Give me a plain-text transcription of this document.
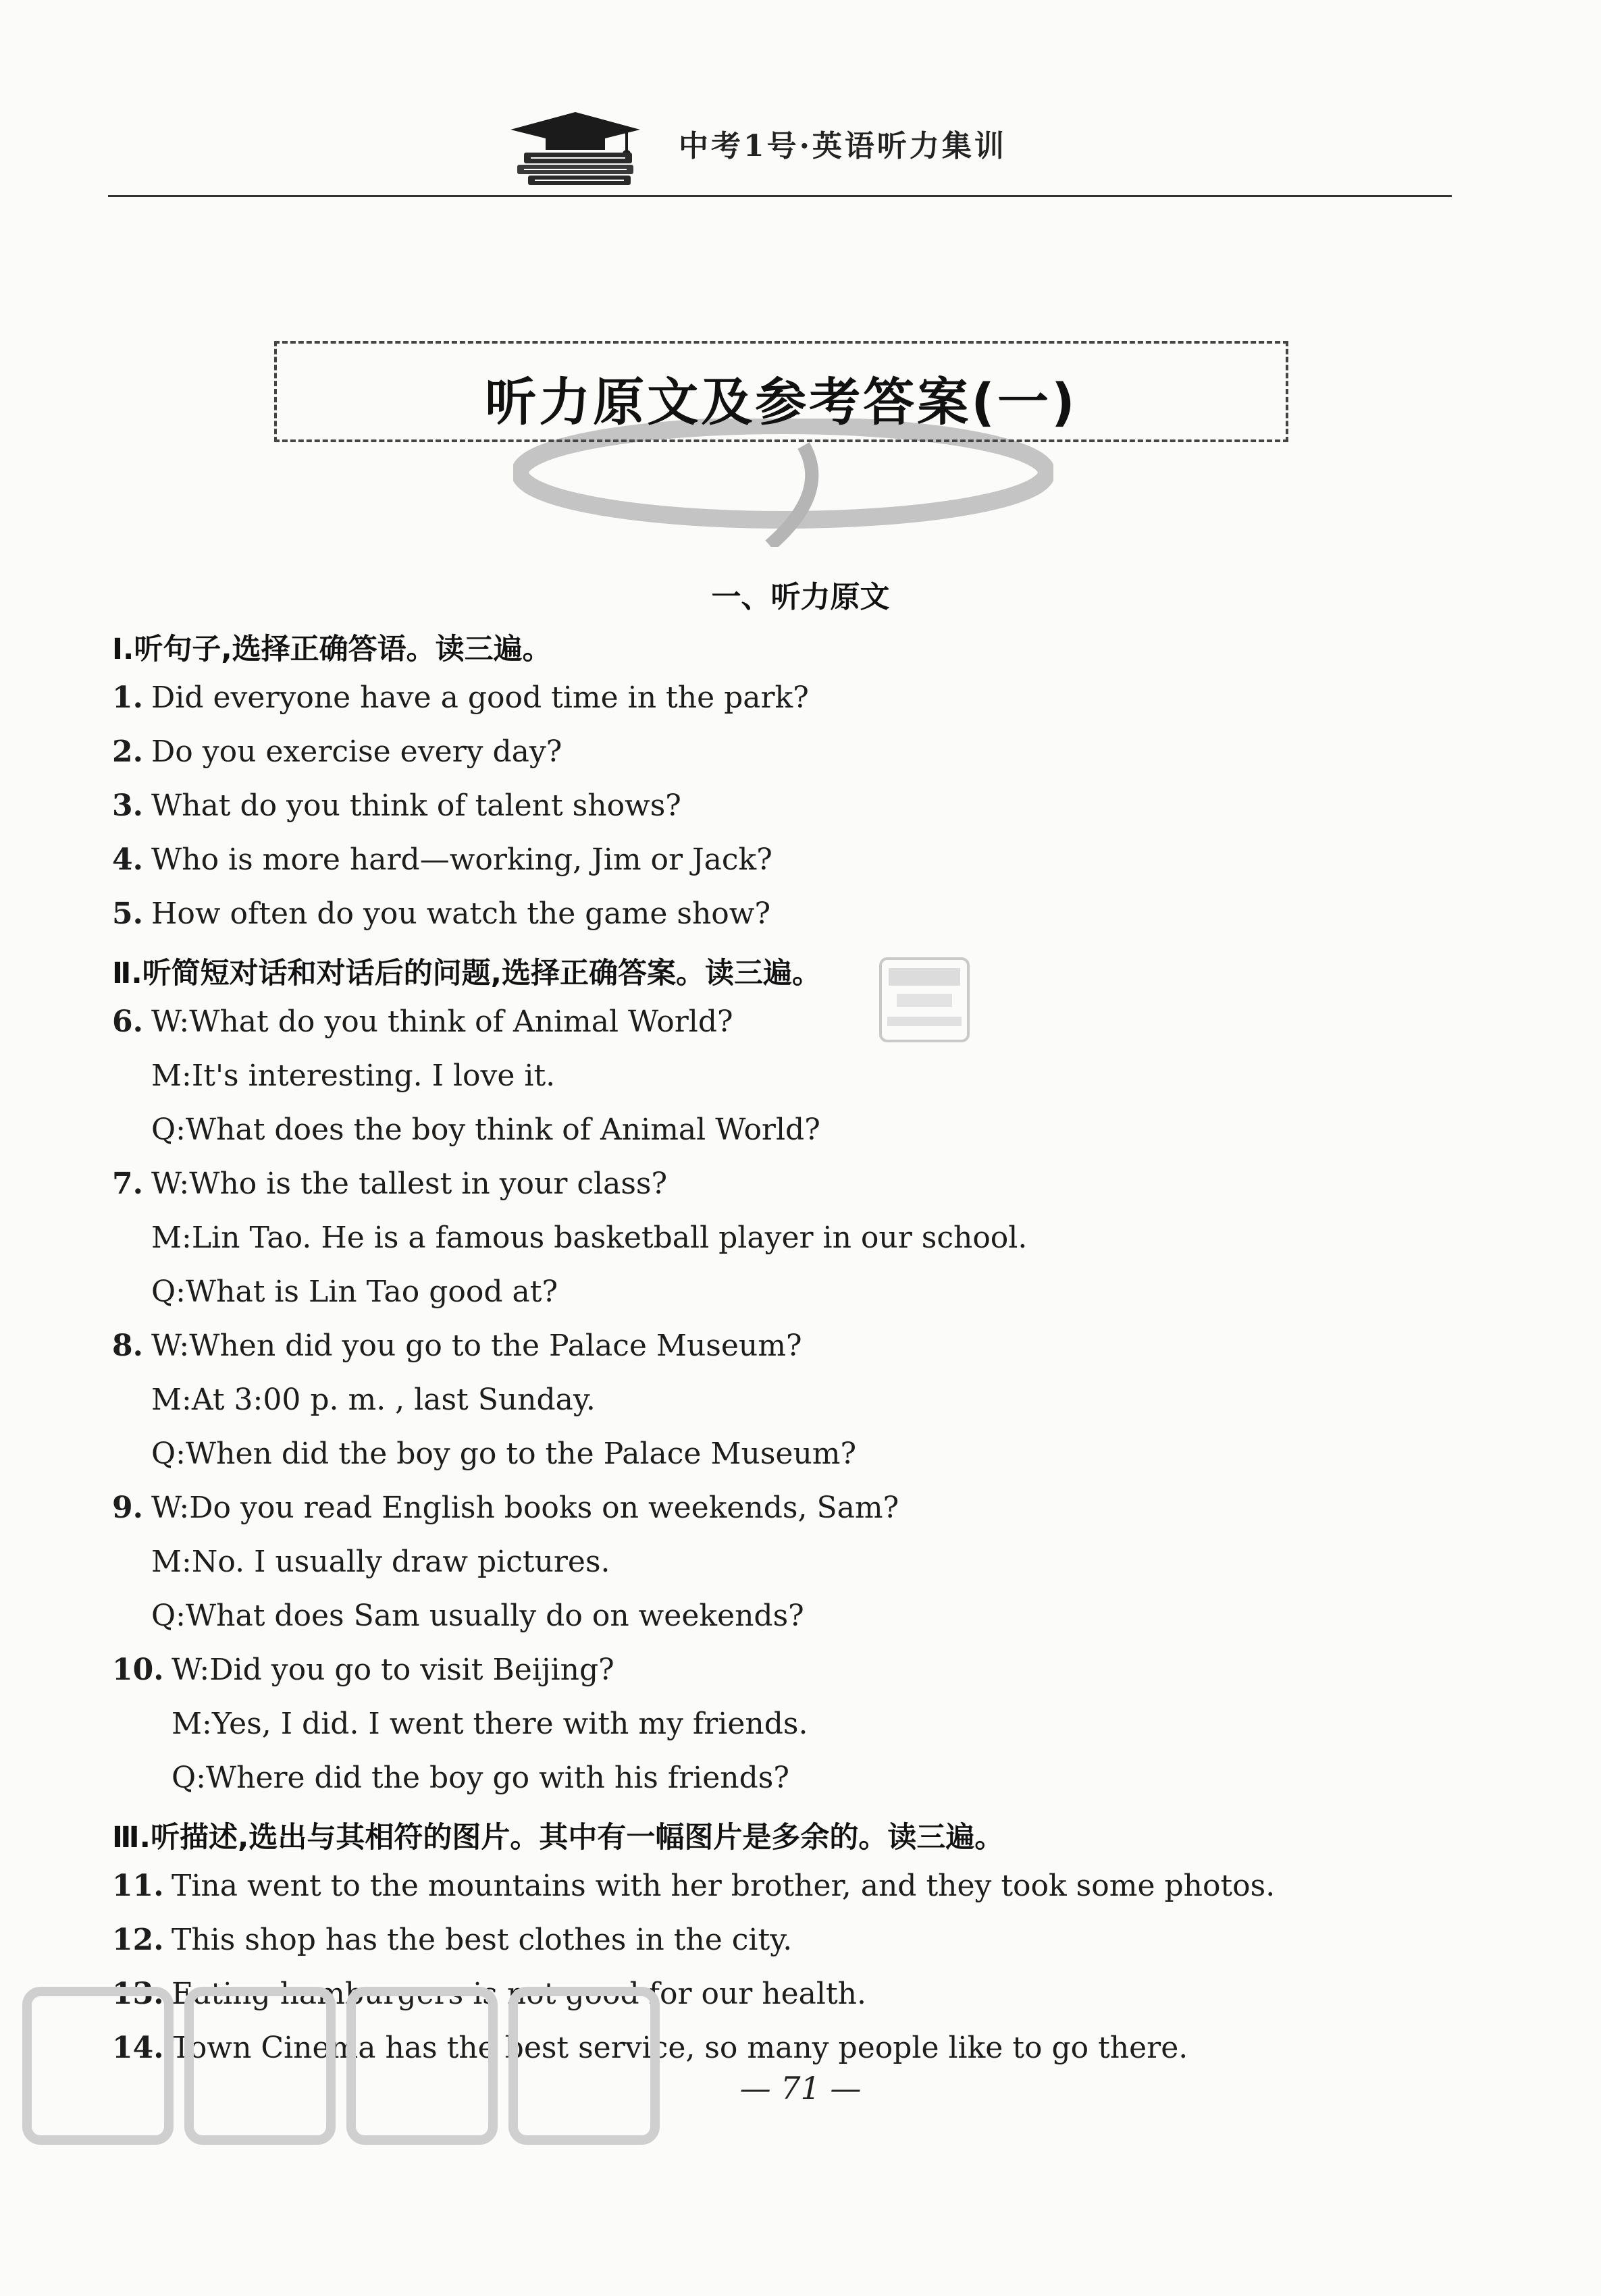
中考1号·英语听力集训
听力原文及参考答案(一)
一、听力原文
Ⅰ.听句子,选择正确答语。读三遍。
1. Did everyone have a good time in the park?
2. Do you exercise every day?
3. What do you think of talent shows?
4. Who is more hard—working, Jim or Jack?
5. How often do you watch the game show?
Ⅱ.听简短对话和对话后的问题,选择正确答案。读三遍。
6. W:What do you think of Animal World?
M:It's interesting. I love it.
Q:What does the boy think of Animal World?
7. W:Who is the tallest in your class?
M:Lin Tao. He is a famous basketball player in our school.
Q:What is Lin Tao good at?
8. W:When did you go to the Palace Museum?
M:At 3:00 p. m. , last Sunday.
Q:When did the boy go to the Palace Museum?
9. W:Do you read English books on weekends, Sam?
M:No. I usually draw pictures.
Q:What does Sam usually do on weekends?
10. W:Did you go to visit Beijing?
M:Yes, I did. I went there with my friends.
Q:Where did the boy go with his friends?
Ⅲ.听描述,选出与其相符的图片。其中有一幅图片是多余的。读三遍。
11. Tina went to the mountains with her brother, and they took some photos.
12. This shop has the best clothes in the city.
13. Eating hamburgers is not good for our health.
14. Town Cinema has the best service, so many people like to go there.
— 71 —
